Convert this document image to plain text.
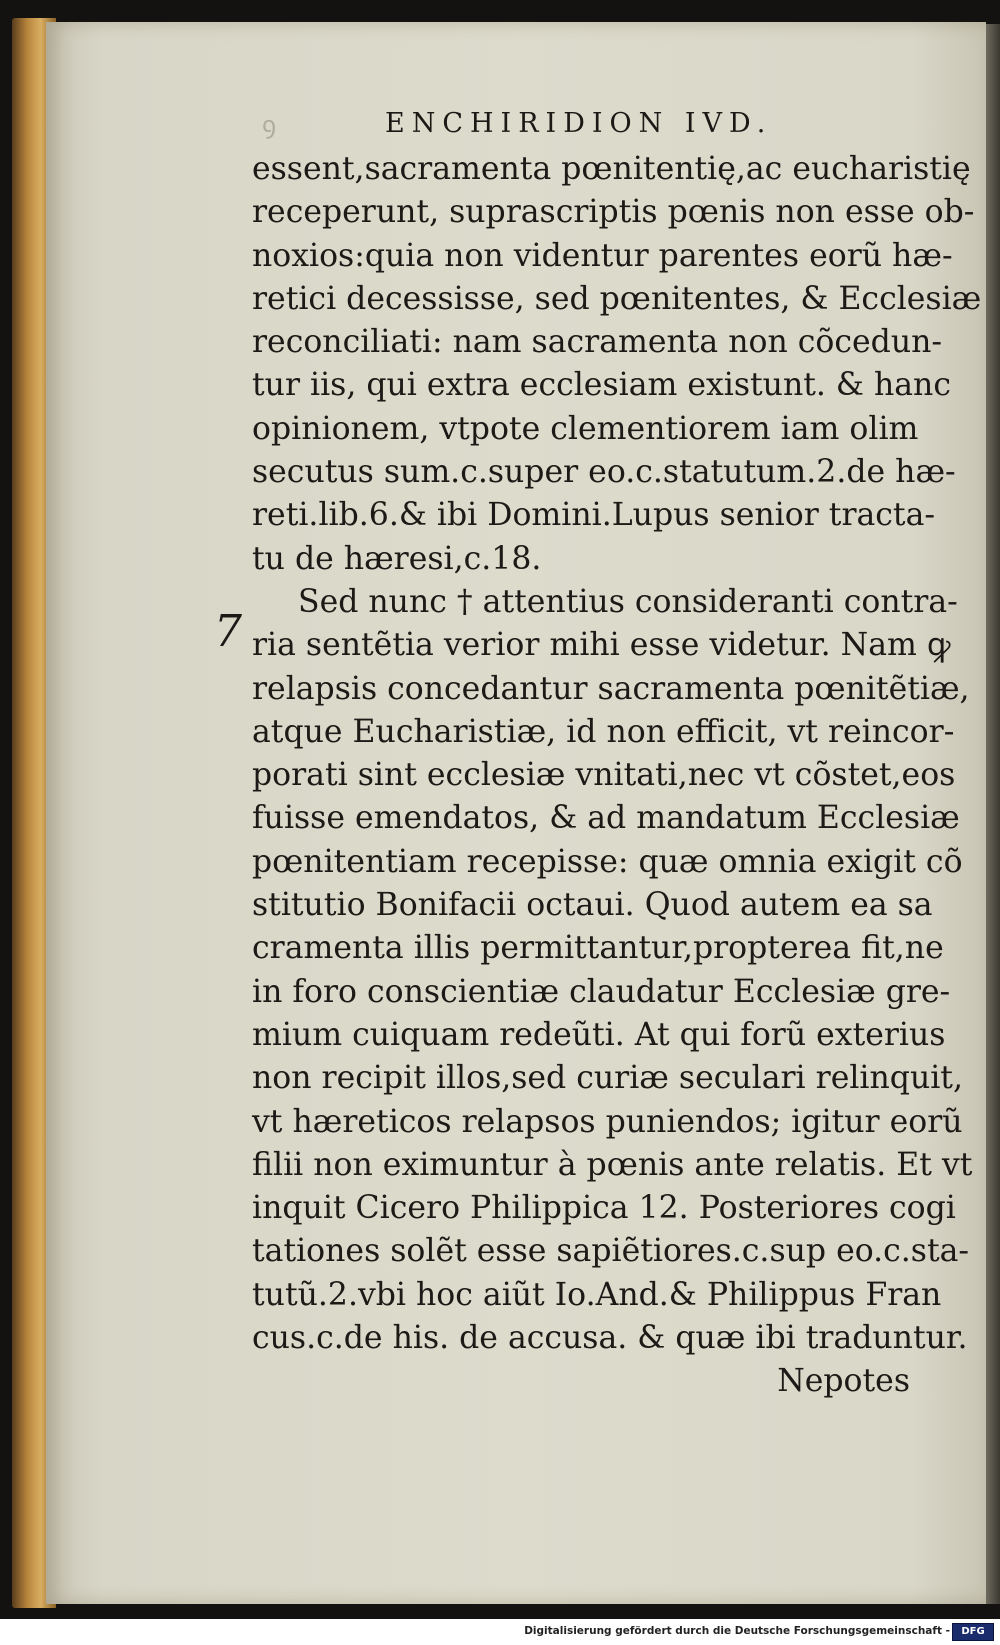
ꝯ	ENCHIRIDION IVD.
7
essent,sacramenta pœnitentię,ac eucharistię
receperunt, suprascriptis pœnis non esse ob-
noxios:quia non videntur parentes eorũ hæ-
retici decessisse, sed pœnitentes, & Ecclesiæ
reconciliati: nam sacramenta non cõcedun-
tur iis, qui extra ecclesiam existunt. & hanc
opinionem, vtpote clementiorem iam olim
secutus sum.c.super eo.c.statutum.2.de hæ-
reti.lib.6.& ibi Domini.Lupus senior tracta-
tu de hæresi,c.18.
Sed nunc † attentius consideranti contra-
ria sentẽtia verior mihi esse videtur. Nam ꝙ
relapsis concedantur sacramenta pœnitẽtiæ,
atque Eucharistiæ, id non efficit, vt reincor-
porati sint ecclesiæ vnitati,nec vt cõstet,eos
fuisse emendatos, & ad mandatum Ecclesiæ
pœnitentiam recepisse: quæ omnia exigit cõ
stitutio Bonifacii octaui. Quod autem ea sa
cramenta illis permittantur,propterea fit,ne
in foro conscientiæ claudatur Ecclesiæ gre-
mium cuiquam redeũti. At qui forũ exterius
non recipit illos,sed curiæ seculari relinquit,
vt hæreticos relapsos puniendos; igitur eorũ
filii non eximuntur à pœnis ante relatis. Et vt
inquit Cicero Philippica 12. Posteriores cogi
tationes solẽt esse sapiẽtiores.c.sup eo.c.sta-
tutũ.2.vbi hoc aiũt Io.And.& Philippus Fran
cus.c.de his. de accusa. & quæ ibi traduntur.
Nepotes
Digitalisierung gefördert durch die Deutsche Forschungsgemeinschaft -	DFG
